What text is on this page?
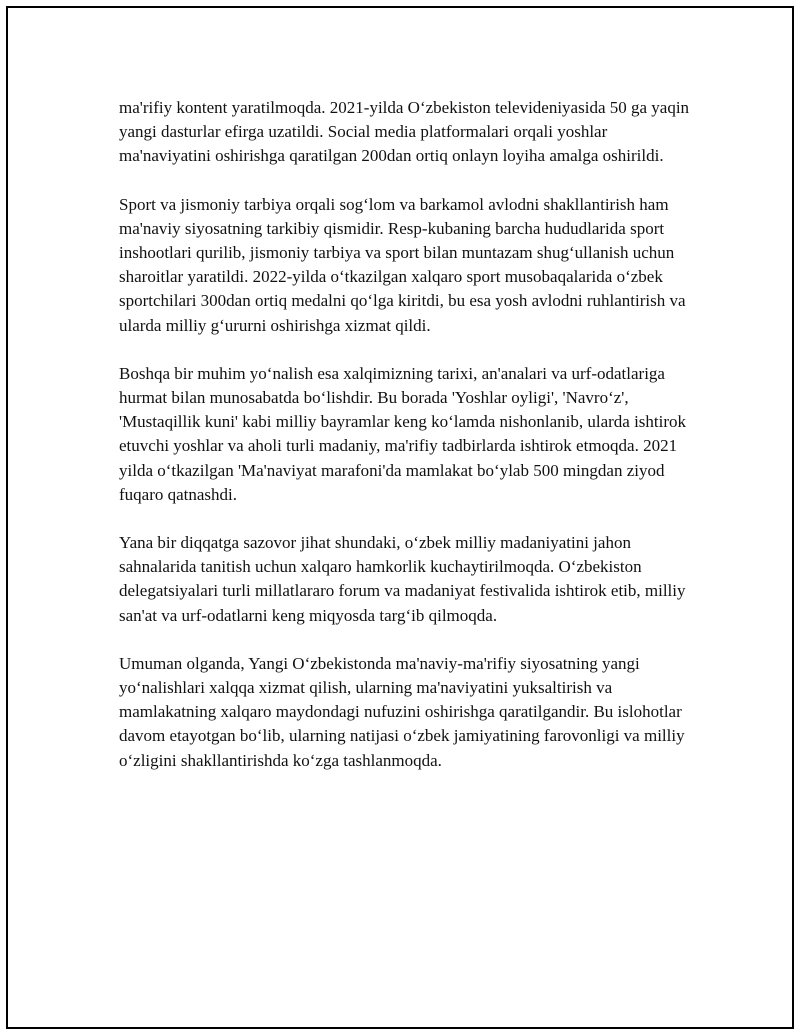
ma'rifiy kontent yaratilmoqda. 2021-yilda O‘zbekiston televideniyasida 50 ga yaqin yangi dasturlar efirga uzatildi. Social media platformalari orqali yoshlar ma'naviyatini oshirishga qaratilgan 200dan ortiq onlayn loyiha amalga oshirildi.

Sport va jismoniy tarbiya orqali sog‘lom va barkamol avlodni shakllantirish ham ma'naviy siyosatning tarkibiy qismidir. Resp-kubaning barcha hududlarida sport inshootlari qurilib, jismoniy tarbiya va sport bilan muntazam shug‘ullanish uchun sharoitlar yaratildi. 2022-yilda o‘tkazilgan xalqaro sport musobaqalarida o‘zbek sportchilari 300dan ortiq medalni qo‘lga kiritdi, bu esa yosh avlodni ruhlantirish va ularda milliy g‘ururni oshirishga xizmat qildi.

Boshqa bir muhim yo‘nalish esa xalqimizning tarixi, an'analari va urf-odatlariga hurmat bilan munosabatda bo‘lishdir. Bu borada 'Yoshlar oyligi', 'Navro‘z', 'Mustaqillik kuni' kabi milliy bayramlar keng ko‘lamda nishonlanib, ularda ishtirok etuvchi yoshlar va aholi turli madaniy, ma'rifiy tadbirlarda ishtirok etmoqda. 2021 yilda o‘tkazilgan 'Ma'naviyat marafoni'da mamlakat bo‘ylab 500 mingdan ziyod fuqaro qatnashdi.

Yana bir diqqatga sazovor jihat shundaki, o‘zbek milliy madaniyatini jahon sahnalarida tanitish uchun xalqaro hamkorlik kuchaytirilmoqda. O‘zbekiston delegatsiyalari turli millatlararo forum va madaniyat festivalida ishtirok etib, milliy san'at va urf-odatlarni keng miqyosda targ‘ib qilmoqda.

Umuman olganda, Yangi O‘zbekistonda ma'naviy-ma'rifiy siyosatning yangi yo‘nalishlari xalqqa xizmat qilish, ularning ma'naviyatini yuksaltirish va mamlakatning xalqaro maydondagi nufuzini oshirishga qaratilgandir. Bu islohotlar davom etayotgan bo‘lib, ularning natijasi o‘zbek jamiyatining farovonligi va milliy o‘zligini shakllantirishda ko‘zga tashlanmoqda.
